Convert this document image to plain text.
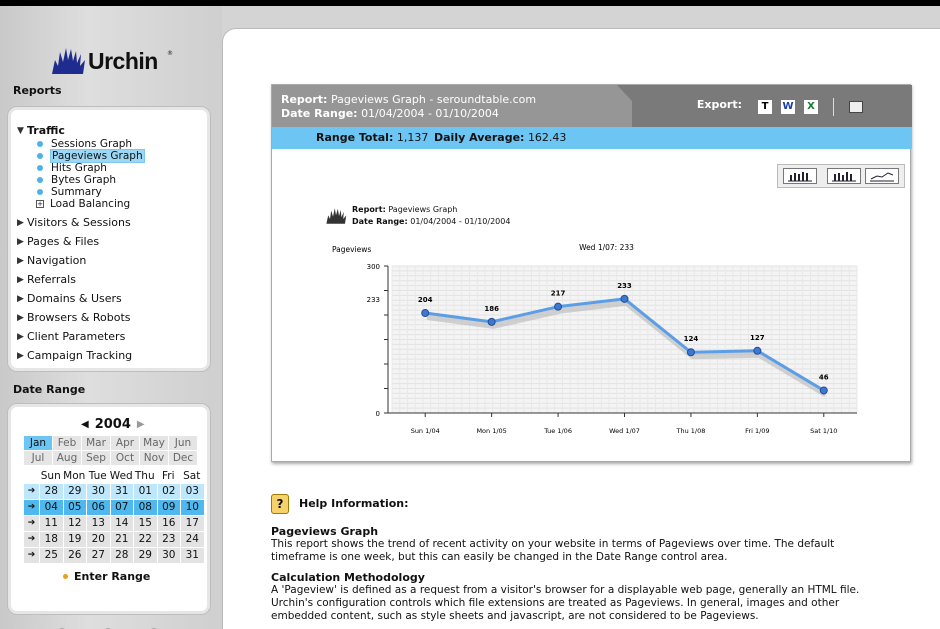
Urchin ®
Reports
▼ Traffic
Sessions Graph
Pageviews Graph
Hits Graph
Bytes Graph
Summary
+ Load Balancing
▶ Visitors & Sessions
▶ Pages & Files
▶ Navigation
▶ Referrals
▶ Domains & Users
▶ Browsers & Robots
▶ Client Parameters
▶ Campaign Tracking
Date Range
◀ 2004 ▶
Jan	Feb Mar Apr May Jun
Jul	Aug Sep Oct Nov Dec
Sun Mon Tue Wed Thu Fri Sat
➔ 28 29 30 31 01 02 03
➔ 04 05 06 07 08 09 10
➔ 11 12 13 14 15 16 17
➔ 18 19 20 21 22 23 24
➔ 25 26 27 28 29 30 31
Enter Range
Report: Pageviews Graph - seroundtable.com
Date Range: 01/04/2004 - 01/10/2004
Export:	T	W	X
Range Total: 1,137 Daily Average: 162.43
Report: Pageviews Graph
Date Range: 01/04/2004 - 01/10/2004
Sun 1/04	Mon 1/05	Tue 1/06	Wed 1/07	Thu 1/08	Fri 1/09	Sat 1/10
300
233
0
Pageviews	Wed 1/07: 233
204
186
217
233
124	127
46
?	Help Information:
Pageviews Graph

This report shows the trend of recent activity on your website in terms of Pageviews over time. The default timeframe is one week, but this can easily be changed in the Date Range control area.

Calculation Methodology

A 'Pageview' is defined as a request from a visitor's browser for a displayable web page, generally an HTML file. Urchin's configuration controls which file extensions are treated as Pageviews. In general, images and other embedded content, such as style sheets and javascript, are not considered to be Pageviews.
